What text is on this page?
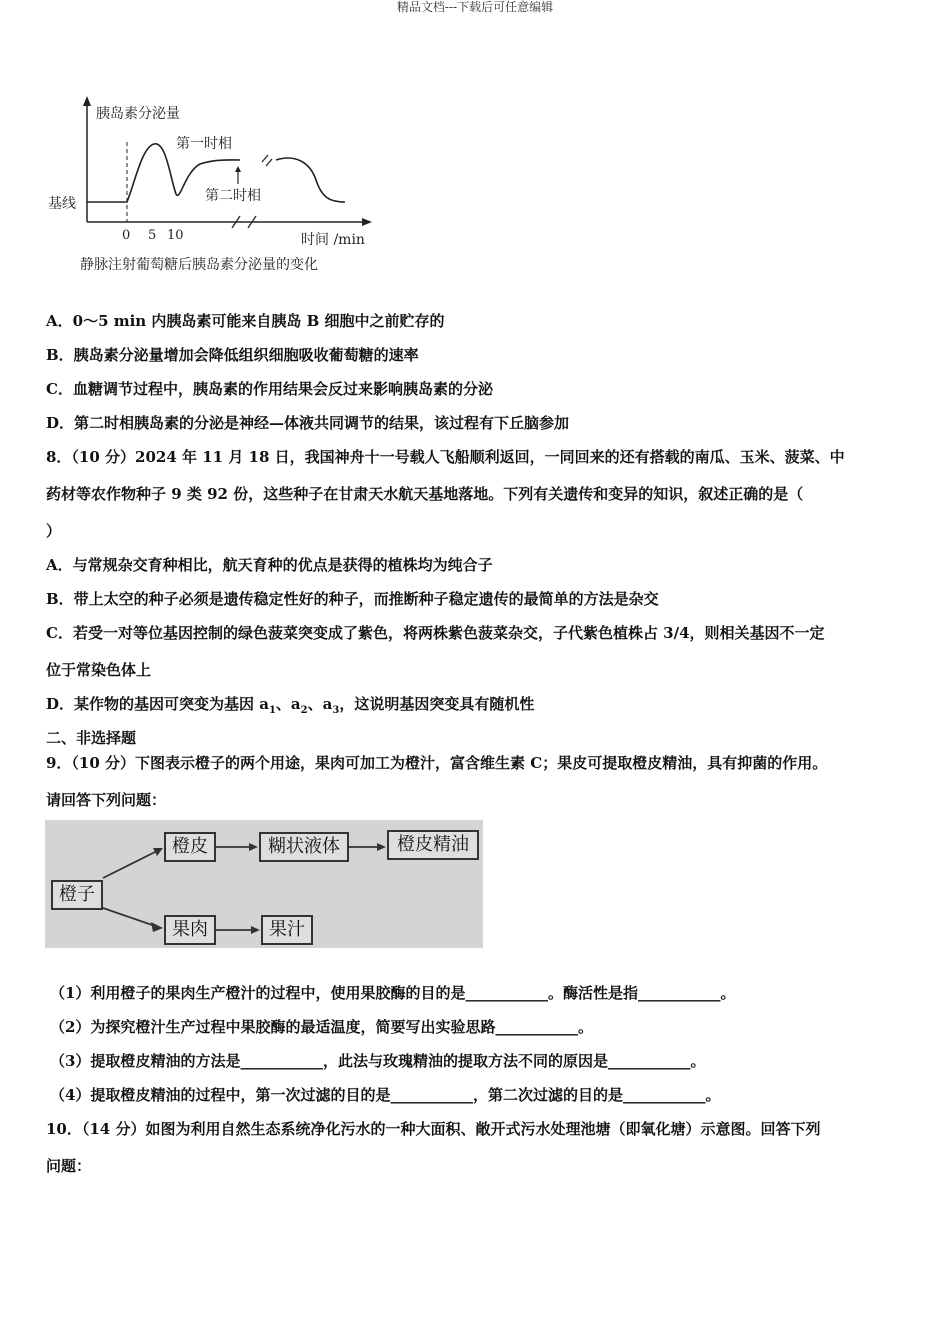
精品文档---下载后可任意编辑
胰岛素分泌量
基线
第一时相
第二时相
0 5 10	时间 /min
静脉注射葡萄糖后胰岛素分泌量的变化
A．0～5 min 内胰岛素可能来自胰岛 B 细胞中之前贮存的
B．胰岛素分泌量增加会降低组织细胞吸收葡萄糖的速率
C．血糖调节过程中，胰岛素的作用结果会反过来影响胰岛素的分泌
D．第二时相胰岛素的分泌是神经—体液共同调节的结果，该过程有下丘脑参加
8．（10 分）2024 年 11 月 18 日，我国神舟十一号载人飞船顺利返回，一同回来的还有搭载的南瓜、玉米、菠菜、中
药材等农作物种子 9 类 92 份，这些种子在甘肃天水航天基地落地。下列有关遗传和变异的知识，叙述正确的是（
）
A．与常规杂交育种相比，航天育种的优点是获得的植株均为纯合子
B．带上太空的种子必须是遗传稳定性好的种子，而推断种子稳定遗传的最简单的方法是杂交
C．若受一对等位基因控制的绿色菠菜突变成了紫色，将两株紫色菠菜杂交，子代紫色植株占 3/4，则相关基因不一定
位于常染色体上
D．某作物的基因可突变为基因 $a_1$、$a_2$、$a_3$，这说明基因突变具有随机性
二、非选择题
9．（10 分）下图表示橙子的两个用途，果肉可加工为橙汁，富含维生素 C；果皮可提取橙皮精油，具有抑菌的作用。
请回答下列问题：
橙子
橙皮	糊状液体	橙皮精油
果肉	果汁
（1）利用橙子的果肉生产橙汁的过程中，使用果胶酶的目的是___________。酶活性是指___________。
（2）为探究橙汁生产过程中果胶酶的最适温度，简要写出实验思路___________。
（3）提取橙皮精油的方法是___________，此法与玫瑰精油的提取方法不同的原因是___________。
（4）提取橙皮精油的过程中，第一次过滤的目的是___________，第二次过滤的目的是___________。
10．（14 分）如图为利用自然生态系统净化污水的一种大面积、敞开式污水处理池塘（即氧化塘）示意图。回答下列
问题：
